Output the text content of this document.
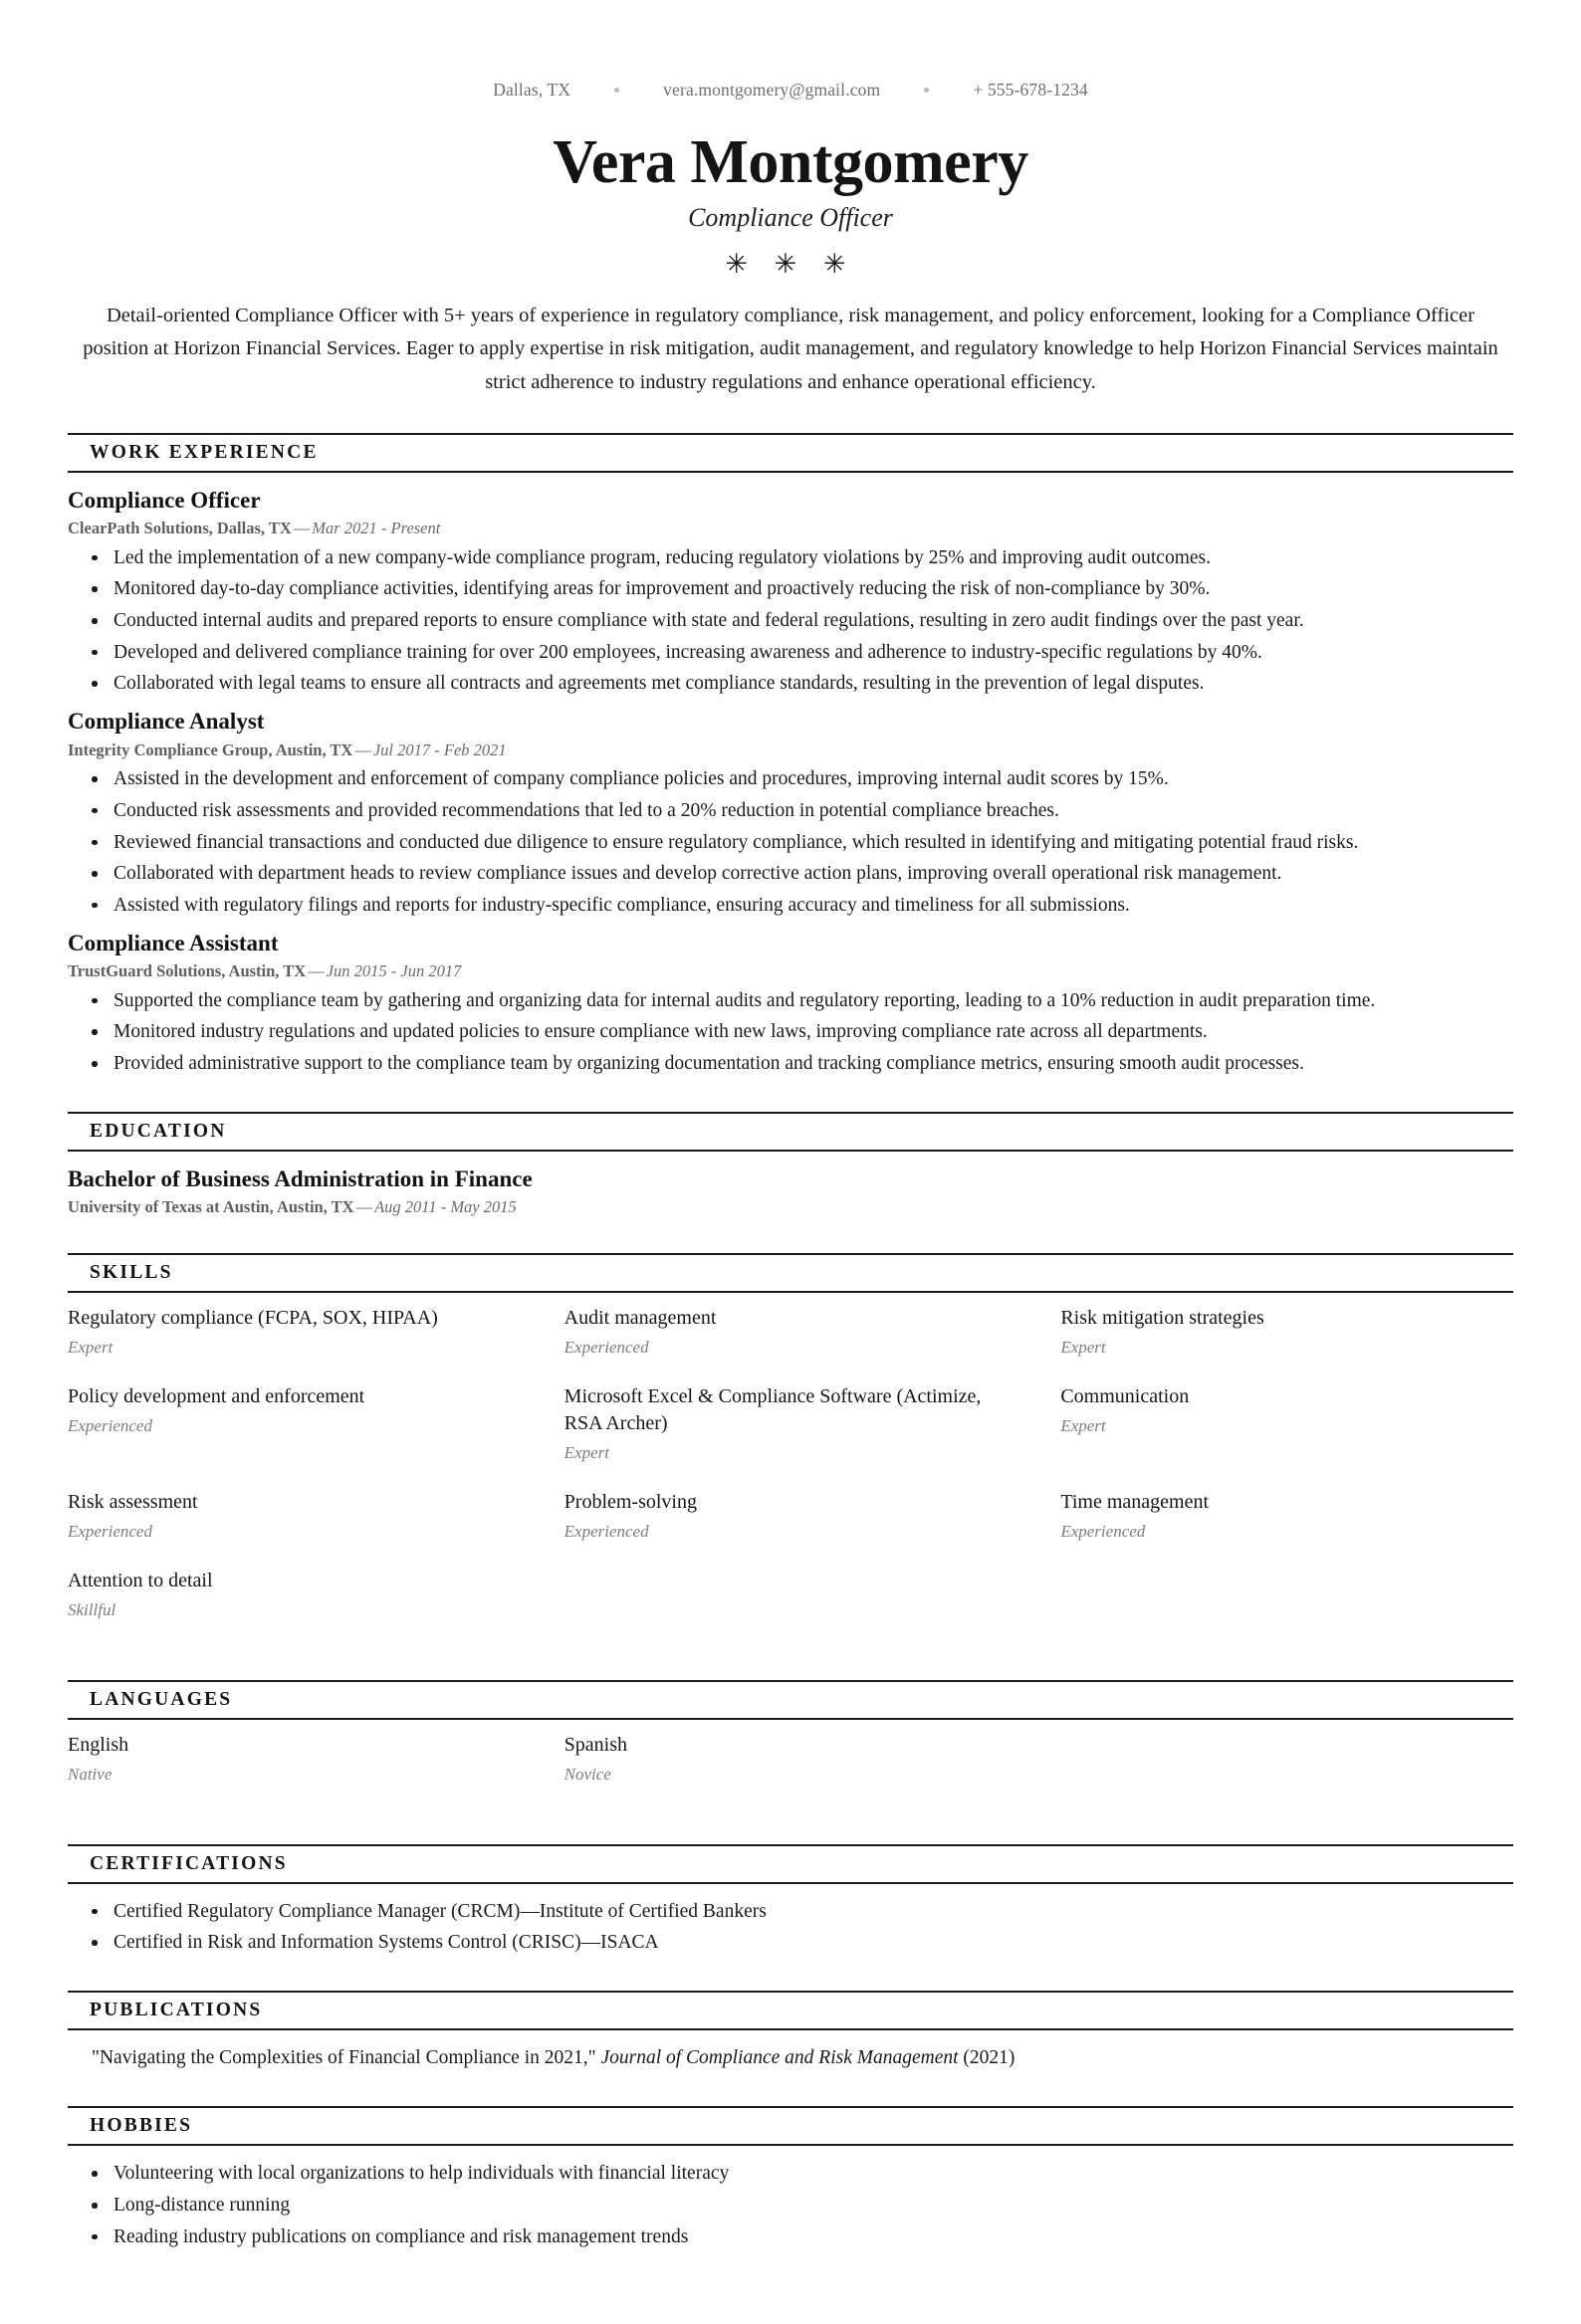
Dallas, TX	vera.montgomery@gmail.com	+ 555-678-1234
Vera Montgomery
Compliance Officer
✳ ✳ ✳

Detail-oriented Compliance Officer with 5+ years of experience in regulatory compliance, risk management, and policy enforcement, looking for a Compliance Officer position at Horizon Financial Services. Eager to apply expertise in risk mitigation, audit management, and regulatory knowledge to help Horizon Financial Services maintain strict adherence to industry regulations and enhance operational efficiency.

WORK EXPERIENCE
Compliance Officer
ClearPath Solutions, Dallas, TX — Mar 2021 - Present
Led the implementation of a new company-wide compliance program, reducing regulatory violations by 25% and improving audit outcomes.
Monitored day-to-day compliance activities, identifying areas for improvement and proactively reducing the risk of non-compliance by 30%.
Conducted internal audits and prepared reports to ensure compliance with state and federal regulations, resulting in zero audit findings over the past year.
Developed and delivered compliance training for over 200 employees, increasing awareness and adherence to industry-specific regulations by 40%.
Collaborated with legal teams to ensure all contracts and agreements met compliance standards, resulting in the prevention of legal disputes.
Compliance Analyst
Integrity Compliance Group, Austin, TX — Jul 2017 - Feb 2021
Assisted in the development and enforcement of company compliance policies and procedures, improving internal audit scores by 15%.
Conducted risk assessments and provided recommendations that led to a 20% reduction in potential compliance breaches.
Reviewed financial transactions and conducted due diligence to ensure regulatory compliance, which resulted in identifying and mitigating potential fraud risks.
Collaborated with department heads to review compliance issues and develop corrective action plans, improving overall operational risk management.
Assisted with regulatory filings and reports for industry-specific compliance, ensuring accuracy and timeliness for all submissions.
Compliance Assistant
TrustGuard Solutions, Austin, TX — Jun 2015 - Jun 2017
Supported the compliance team by gathering and organizing data for internal audits and regulatory reporting, leading to a 10% reduction in audit preparation time.
Monitored industry regulations and updated policies to ensure compliance with new laws, improving compliance rate across all departments.
Provided administrative support to the compliance team by organizing documentation and tracking compliance metrics, ensuring smooth audit processes.
EDUCATION
Bachelor of Business Administration in Finance
University of Texas at Austin, Austin, TX — Aug 2011 - May 2015
SKILLS
Regulatory compliance (FCPA, SOX, HIPAA)
Expert
Audit management
Experienced
Risk mitigation strategies
Expert
Policy development and enforcement
Experienced
Microsoft Excel & Compliance Software (Actimize, RSA Archer)
Expert
Communication
Expert
Risk assessment
Experienced
Problem-solving
Experienced
Time management
Experienced
Attention to detail
Skillful
LANGUAGES
English
Native
Spanish
Novice
CERTIFICATIONS
Certified Regulatory Compliance Manager (CRCM)—Institute of Certified Bankers
Certified in Risk and Information Systems Control (CRISC)—ISACA
PUBLICATIONS
"Navigating the Complexities of Financial Compliance in 2021," Journal of Compliance and Risk Management (2021)
HOBBIES
Volunteering with local organizations to help individuals with financial literacy
Long-distance running
Reading industry publications on compliance and risk management trends
